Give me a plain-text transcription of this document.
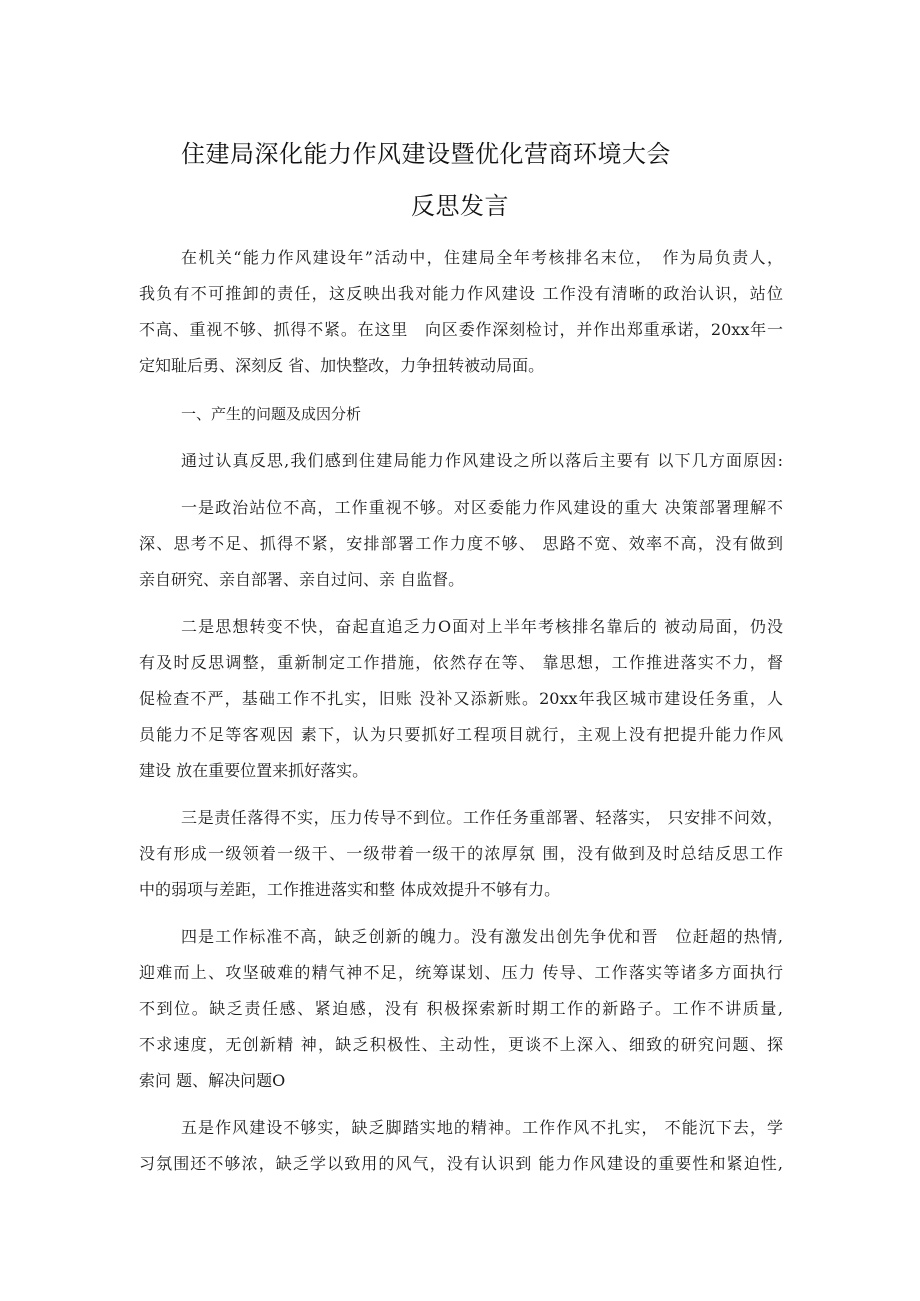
住建局深化能力作风建设暨优化营商环境大会
反思发言

在机关“能力作风建设年”活动中，住建局全年考核排名末位，　作为局负责人，

我负有不可推卸的责任，这反映出我对能力作风建设 工作没有清晰的政治认识，站位

不高、重视不够、抓得不紧。在这里　向区委作深刻检讨，并作出郑重承诺，20xx年一

定知耻后勇、深刻反 省、加快整改，力争扭转被动局面。

一、产生的问题及成因分析

通过认真反思,我们感到住建局能力作风建设之所以落后主要有 以下几方面原因:

一是政治站位不高，工作重视不够。对区委能力作风建设的重大 决策部署理解不

深、思考不足、抓得不紧，安排部署工作力度不够、 思路不宽、效率不高，没有做到

亲自研究、亲自部署、亲自过问、亲 自监督。

二是思想转变不快，奋起直追乏力O面对上半年考核排名靠后的 被动局面，仍没

有及时反思调整，重新制定工作措施，依然存在等、 靠思想，工作推进落实不力，督

促检查不严，基础工作不扎实，旧账 没补又添新账。20xx年我区城市建设任务重，人

员能力不足等客观因 素下，认为只要抓好工程项目就行，主观上没有把提升能力作风

建设 放在重要位置来抓好落实。

三是责任落得不实，压力传导不到位。工作任务重部署、轻落实， 只安排不问效，

没有形成一级领着一级干、一级带着一级干的浓厚氛 围，没有做到及时总结反思工作

中的弱项与差距，工作推进落实和整 体成效提升不够有力。

四是工作标准不高，缺乏创新的魄力。没有激发出创先争优和晋　位赶超的热情,

迎难而上、攻坚破难的精气神不足，统筹谋划、压力 传导、工作落实等诸多方面执行

不到位。缺乏责任感、紧迫感，没有 积极探索新时期工作的新路子。工作不讲质量,

不求速度，无创新精 神，缺乏积极性、主动性，更谈不上深入、细致的研究问题、探

索问 题、解决问题O

五是作风建设不够实，缺乏脚踏实地的精神。工作作风不扎实， 不能沉下去，学

习氛围还不够浓，缺乏学以致用的风气，没有认识到 能力作风建设的重要性和紧迫性,
